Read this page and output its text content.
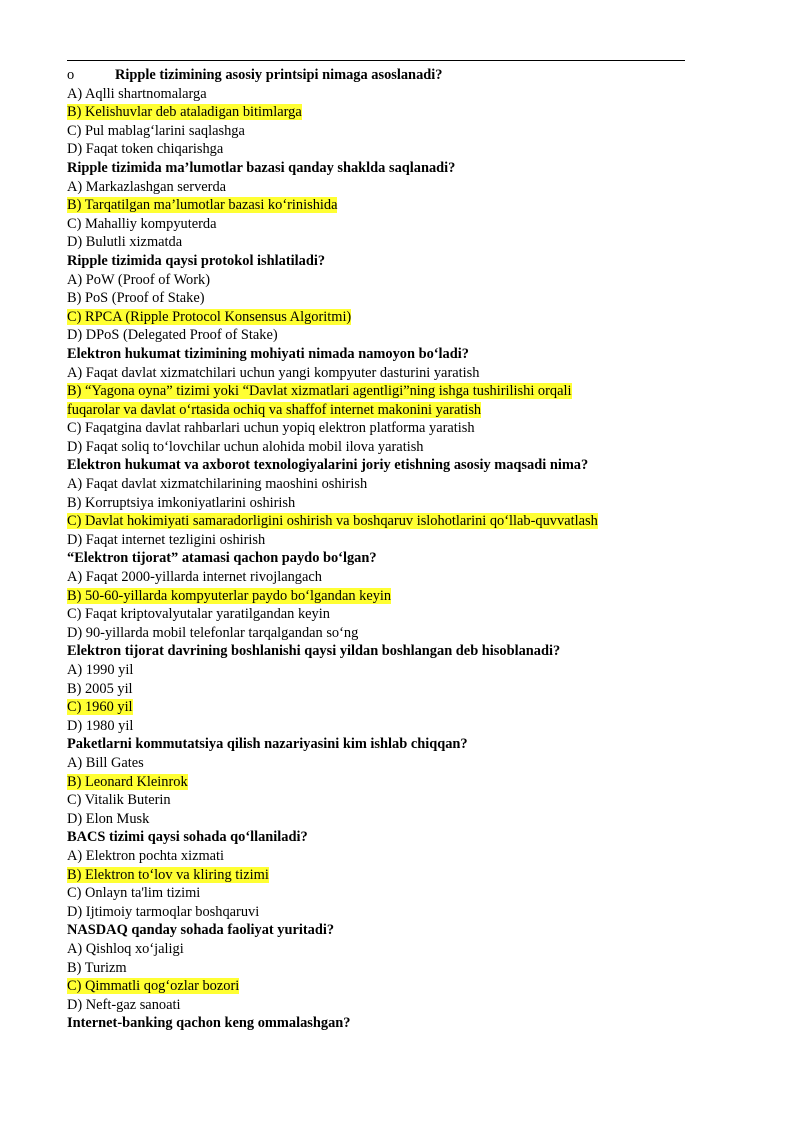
o	Ripple tizimining asosiy printsipi nimaga asoslanadi?
A) Aqlli shartnomalarga
B) Kelishuvlar deb ataladigan bitimlarga
C) Pul mablag‘larini saqlashga
D) Faqat token chiqarishga
Ripple tizimida ma’lumotlar bazasi qanday shaklda saqlanadi?
A) Markazlashgan serverda
B) Tarqatilgan ma’lumotlar bazasi ko‘rinishida
C) Mahalliy kompyuterda
D) Bulutli xizmatda
Ripple tizimida qaysi protokol ishlatiladi?
A) PoW (Proof of Work)
B) PoS (Proof of Stake)
C) RPCA (Ripple Protocol Konsensus Algoritmi)
D) DPoS (Delegated Proof of Stake)
Elektron hukumat tizimining mohiyati nimada namoyon bo‘ladi?
A) Faqat davlat xizmatchilari uchun yangi kompyuter dasturini yaratish
B) “Yagona oyna” tizimi yoki “Davlat xizmatlari agentligi”ning ishga tushirilishi orqali
fuqarolar va davlat o‘rtasida ochiq va shaffof internet makonini yaratish
C) Faqatgina davlat rahbarlari uchun yopiq elektron platforma yaratish
D) Faqat soliq to‘lovchilar uchun alohida mobil ilova yaratish
Elektron hukumat va axborot texnologiyalarini joriy etishning asosiy maqsadi nima?
A) Faqat davlat xizmatchilarining maoshini oshirish
B) Korruptsiya imkoniyatlarini oshirish
C) Davlat hokimiyati samaradorligini oshirish va boshqaruv islohotlarini qo‘llab-quvvatlash
D) Faqat internet tezligini oshirish
“Elektron tijorat” atamasi qachon paydo bo‘lgan?
A) Faqat 2000-yillarda internet rivojlangach
B) 50-60-yillarda kompyuterlar paydo bo‘lgandan keyin
C) Faqat kriptovalyutalar yaratilgandan keyin
D) 90-yillarda mobil telefonlar tarqalgandan so‘ng
Elektron tijorat davrining boshlanishi qaysi yildan boshlangan deb hisoblanadi?
A) 1990 yil
B) 2005 yil
C) 1960 yil
D) 1980 yil
Paketlarni kommutatsiya qilish nazariyasini kim ishlab chiqqan?
A) Bill Gates
B) Leonard Kleinrok
C) Vitalik Buterin
D) Elon Musk
BACS tizimi qaysi sohada qo‘llaniladi?
A) Elektron pochta xizmati
B) Elektron to‘lov va kliring tizimi
C) Onlayn ta'lim tizimi
D) Ijtimoiy tarmoqlar boshqaruvi
NASDAQ qanday sohada faoliyat yuritadi?
A) Qishloq xo‘jaligi
B) Turizm
C) Qimmatli qog‘ozlar bozori
D) Neft-gaz sanoati
Internet-banking qachon keng ommalashgan?
